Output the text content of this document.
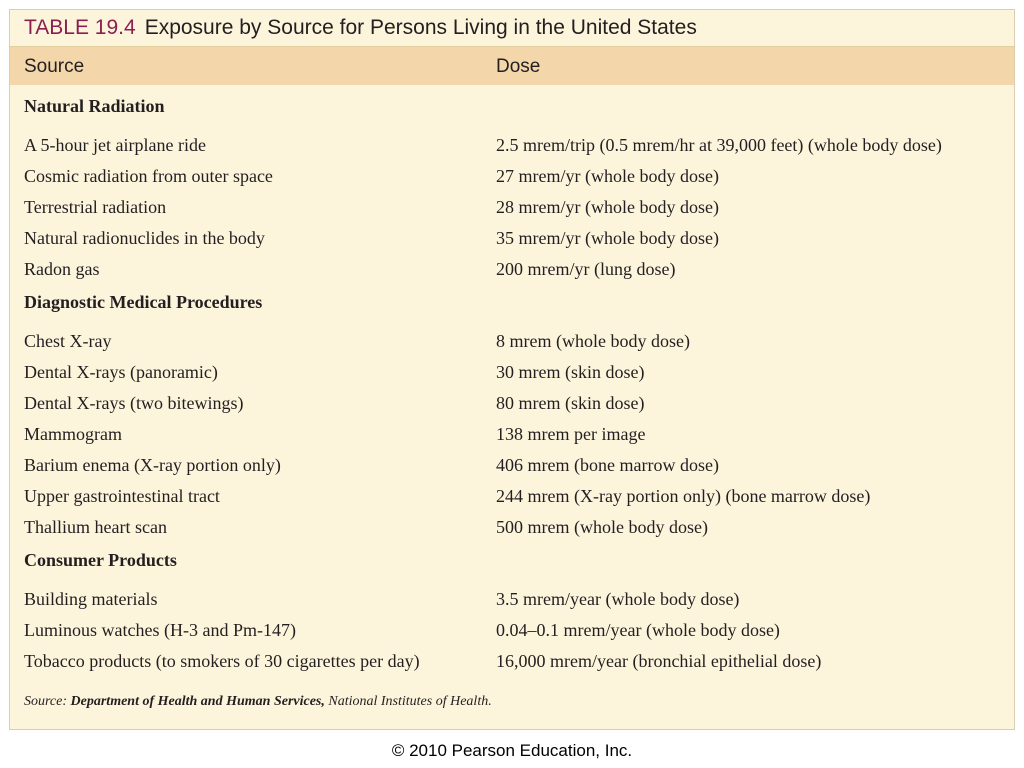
TABLE 19.4 Exposure by Source for Persons Living in the United States
Source	Dose
Natural Radiation
A 5-hour jet airplane ride	2.5 mrem/trip (0.5 mrem/hr at 39,000 feet) (whole body dose)
Cosmic radiation from outer space	27 mrem/yr (whole body dose)
Terrestrial radiation	28 mrem/yr (whole body dose)
Natural radionuclides in the body	35 mrem/yr (whole body dose)
Radon gas	200 mrem/yr (lung dose)
Diagnostic Medical Procedures
Chest X-ray	8 mrem (whole body dose)
Dental X-rays (panoramic)	30 mrem (skin dose)
Dental X-rays (two bitewings)	80 mrem (skin dose)
Mammogram	138 mrem per image
Barium enema (X-ray portion only)	406 mrem (bone marrow dose)
Upper gastrointestinal tract	244 mrem (X-ray portion only) (bone marrow dose)
Thallium heart scan	500 mrem (whole body dose)
Consumer Products
Building materials	3.5 mrem/year (whole body dose)
Luminous watches (H-3 and Pm-147)	0.04–0.1 mrem/year (whole body dose)
Tobacco products (to smokers of 30 cigarettes per day)	16,000 mrem/year (bronchial epithelial dose)
Source: Department of Health and Human Services, National Institutes of Health.
© 2010 Pearson Education, Inc.
